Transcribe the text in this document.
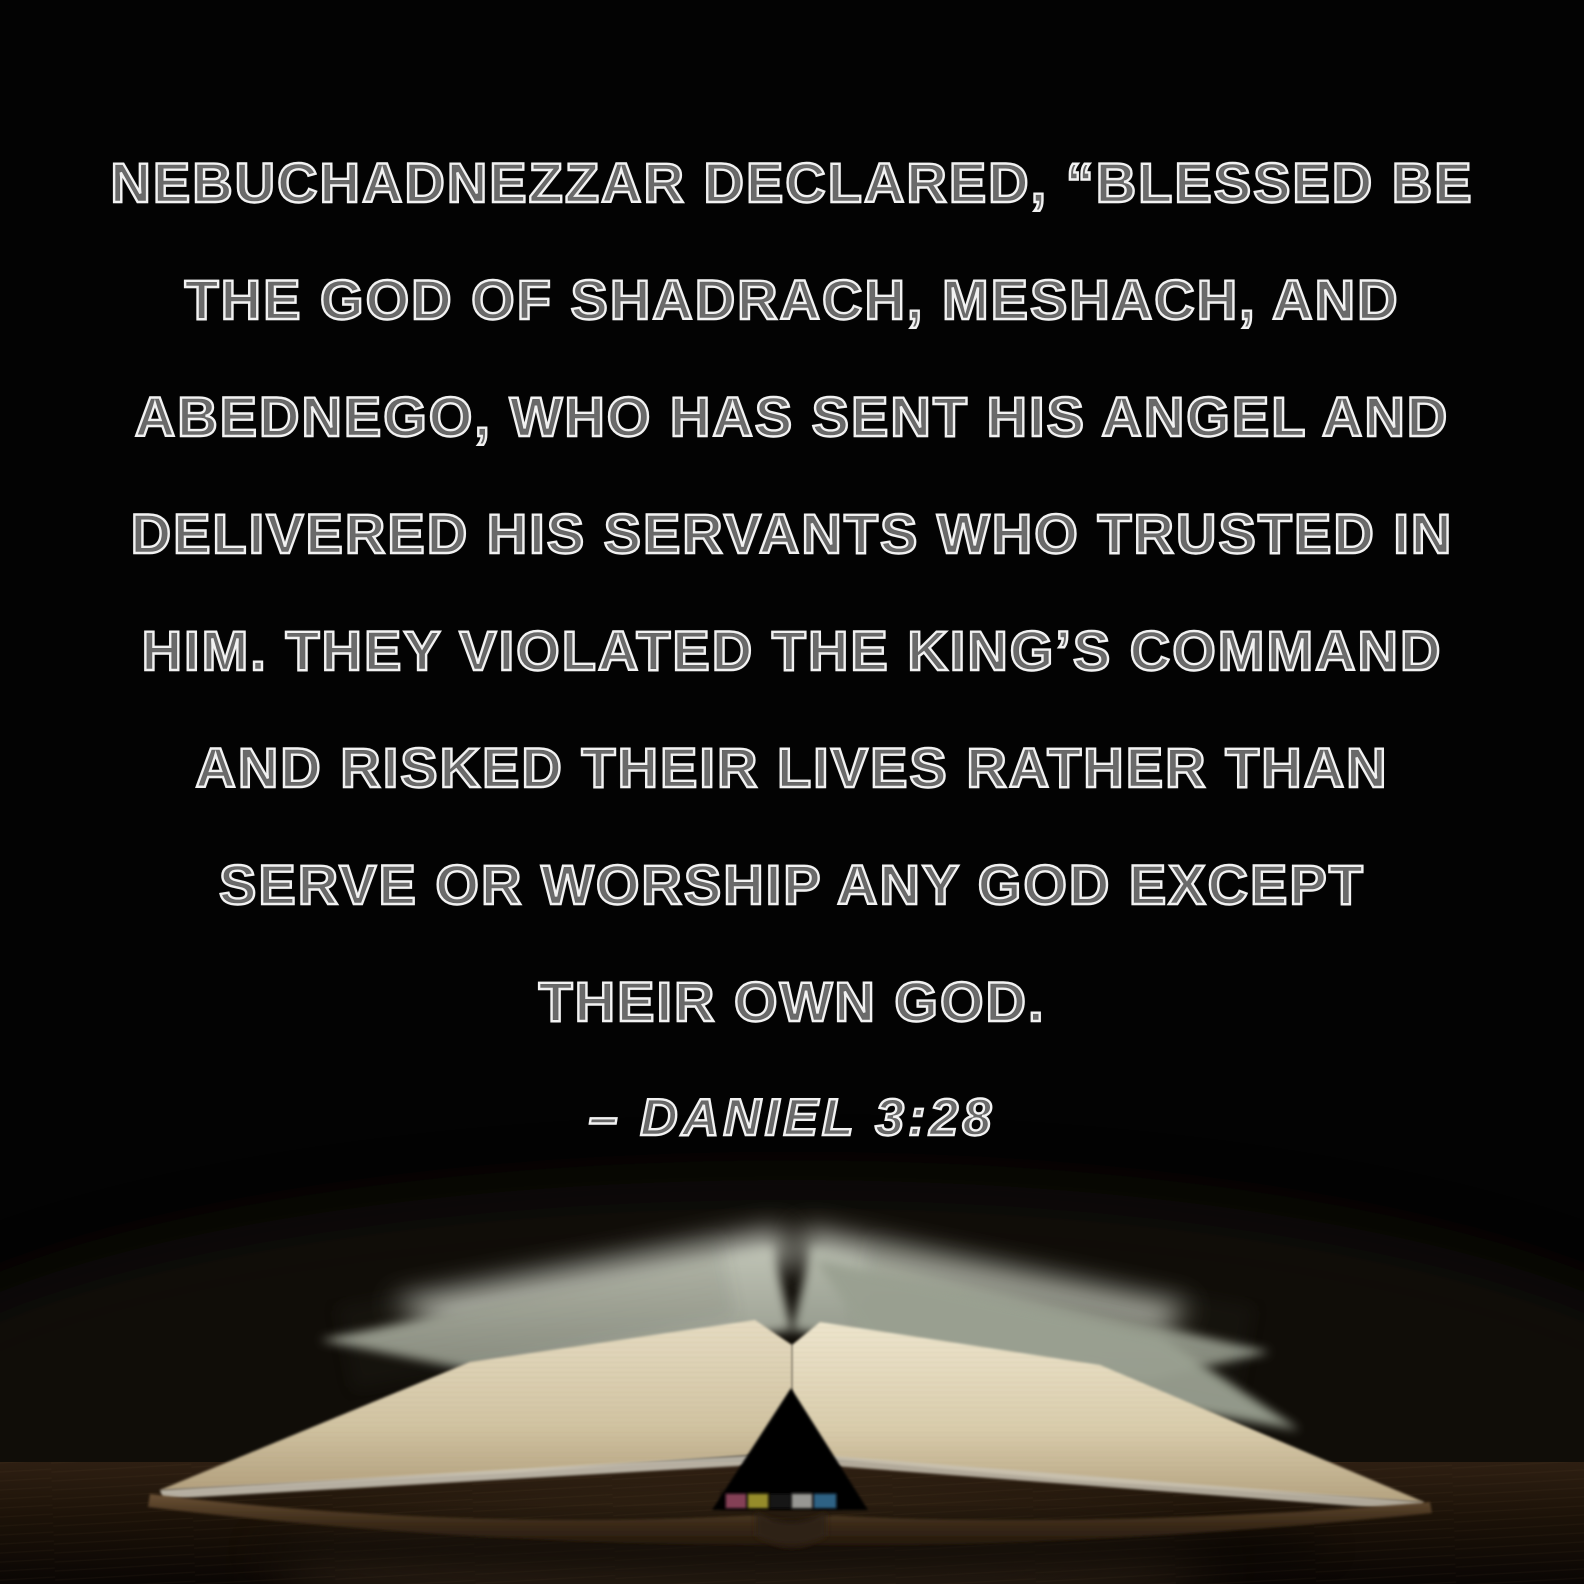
NEBUCHADNEZZAR DECLARED, “BLESSED BE
THE GOD OF SHADRACH, MESHACH, AND
ABEDNEGO, WHO HAS SENT HIS ANGEL AND
DELIVERED HIS SERVANTS WHO TRUSTED IN
HIM. THEY VIOLATED THE KING’S COMMAND
AND RISKED THEIR LIVES RATHER THAN
SERVE OR WORSHIP ANY GOD EXCEPT
THEIR OWN GOD.
– DANIEL 3:28
